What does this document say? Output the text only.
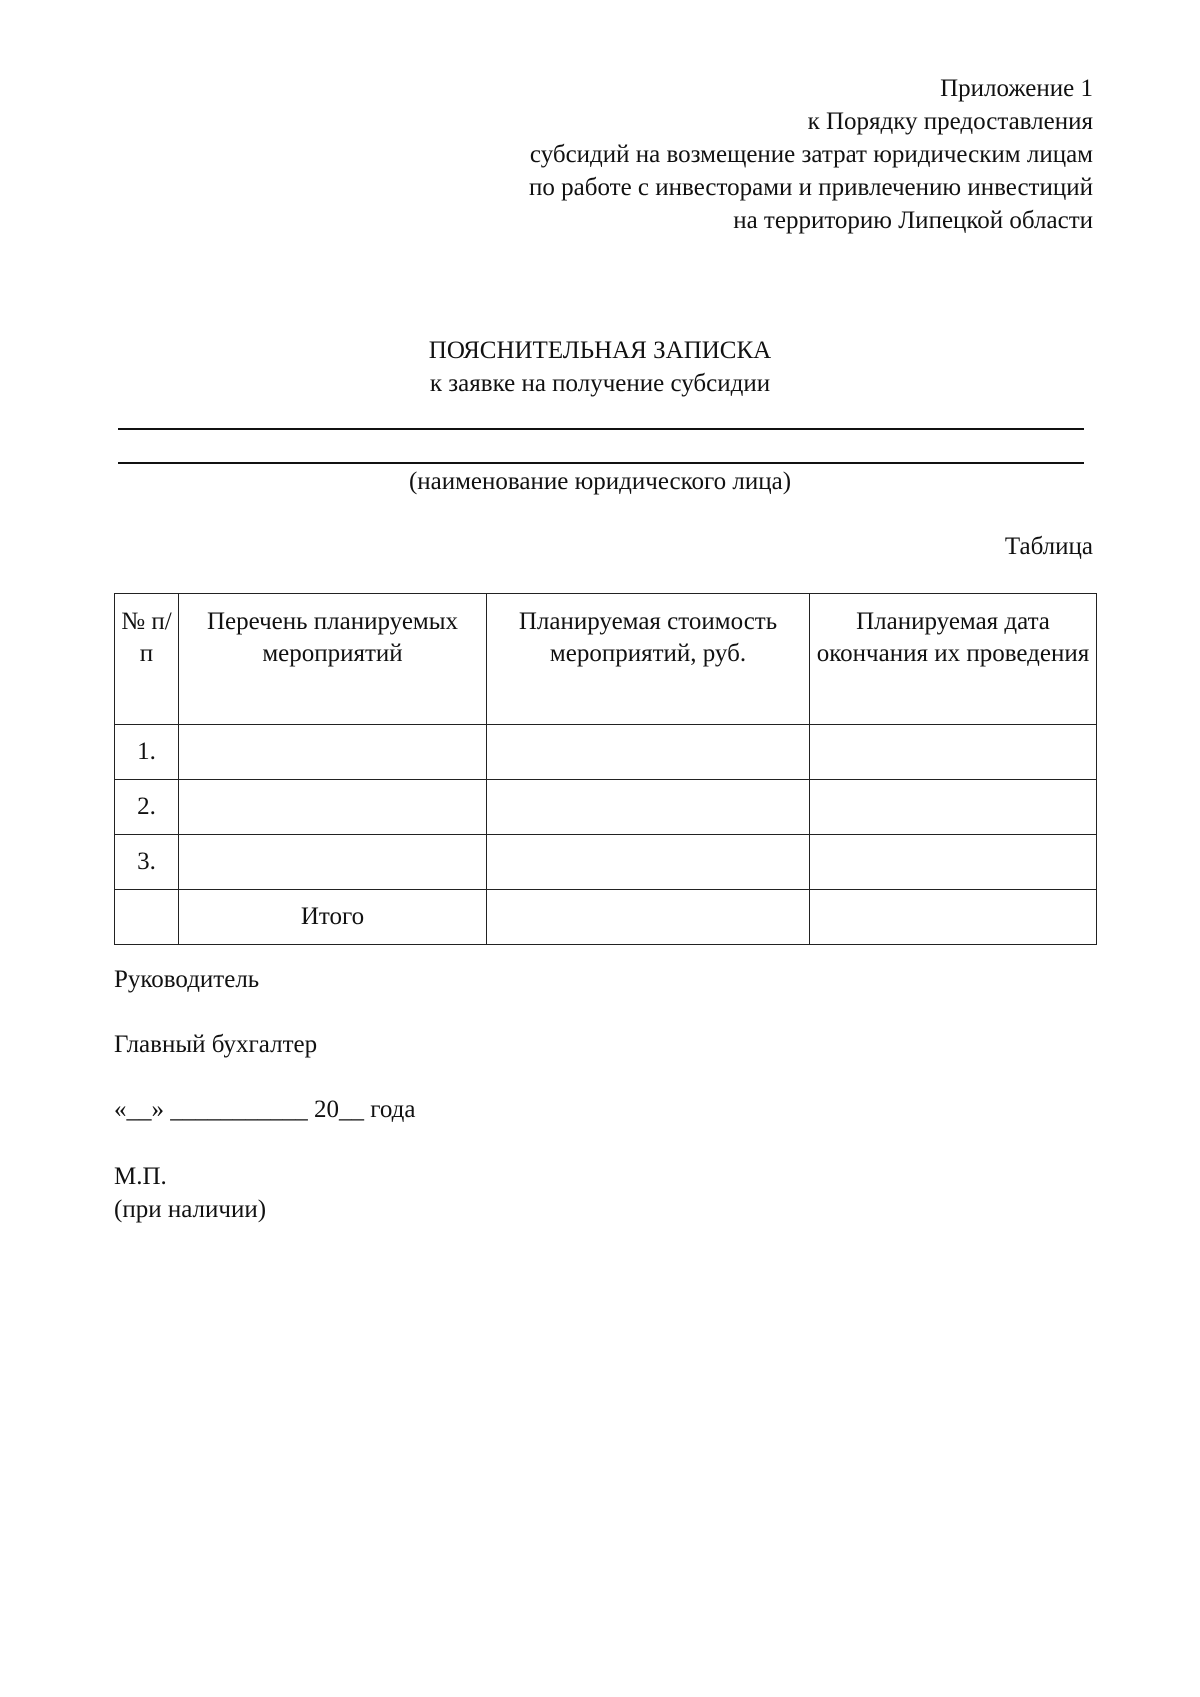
Приложение 1
к Порядку предоставления
субсидий на возмещение затрат юридическим лицам
по работе с инвесторами и привлечению инвестиций
на территорию Липецкой области
ПОЯСНИТЕЛЬНАЯ ЗАПИСКА
к заявке на получение субсидии
(наименование юридического лица)
Таблица
№ п/п	Перечень планируемых мероприятий	Планируемая стоимость мероприятий, руб.	Планируемая дата окончания их проведения
1.			
2.			
3.			
	Итого		
Руководитель
Главный бухгалтер
«__» ___________ 20__ года
М.П.
(при наличии)
